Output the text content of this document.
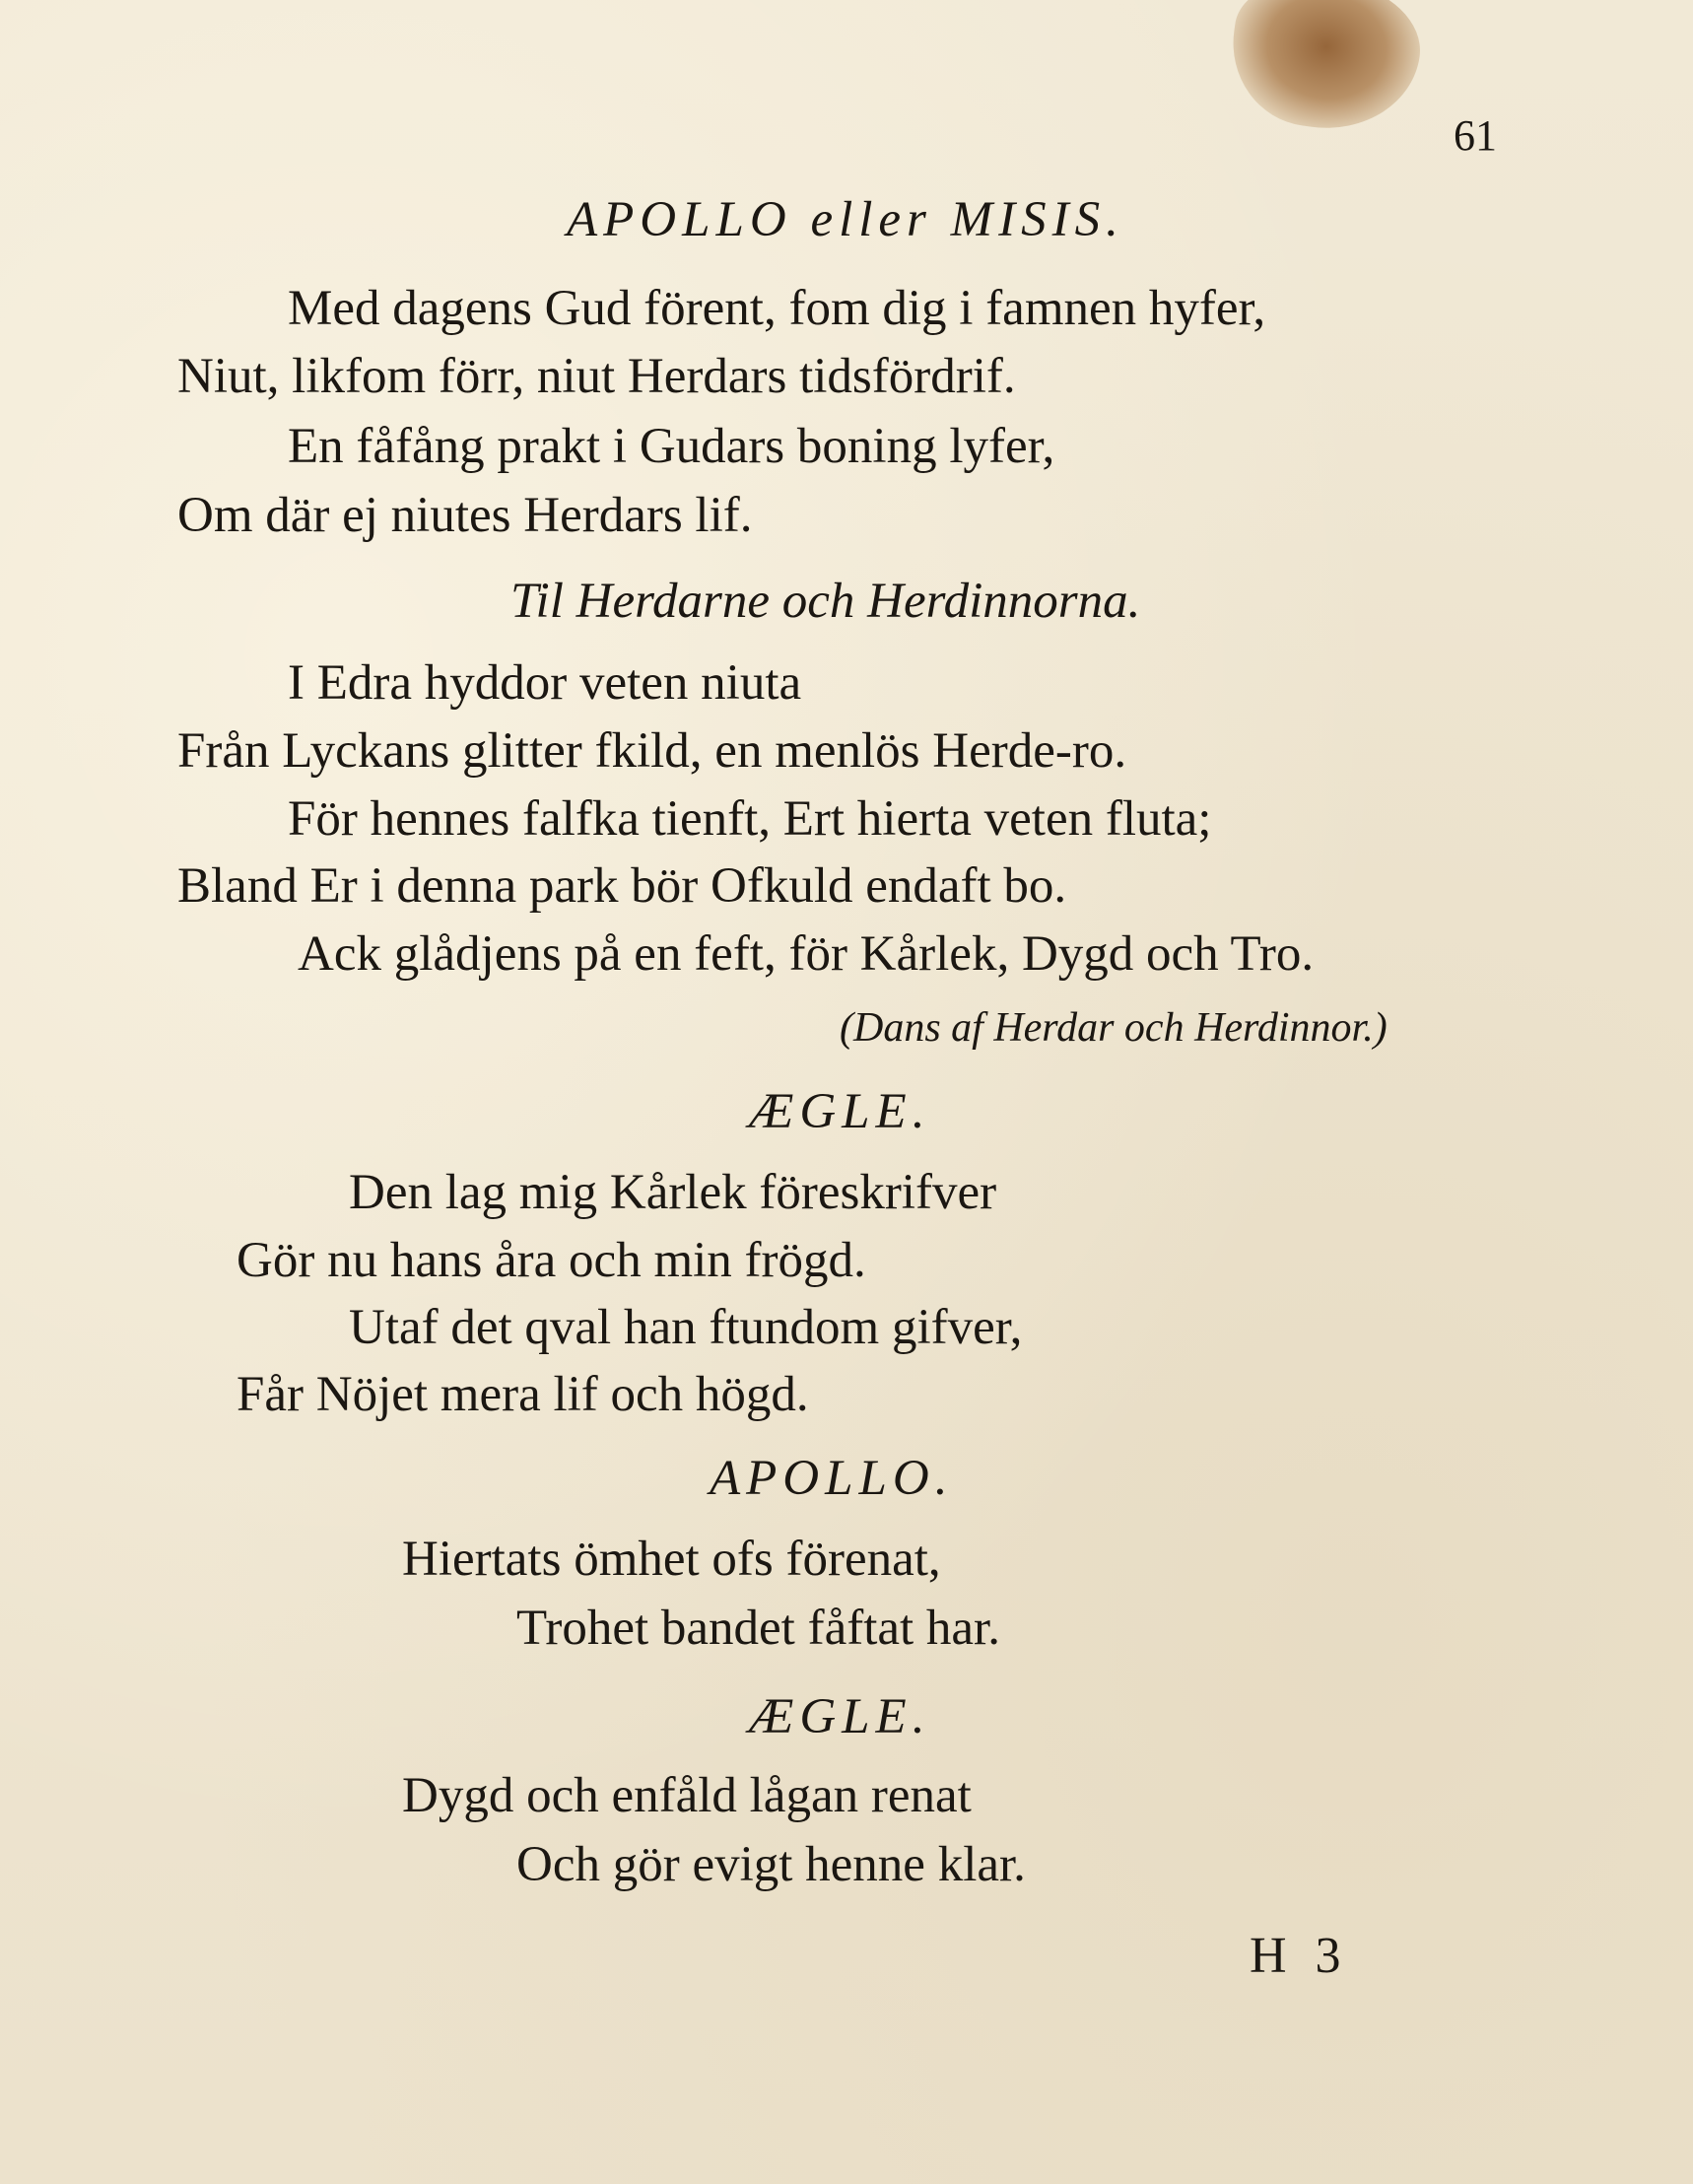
61
APOLLO eller MISIS.
Med dagens Gud förent, fom dig i famnen hyfer,
Niut, likfom förr, niut Herdars tidsfördrif.
En fåfång prakt i Gudars boning lyfer,
Om där ej niutes Herdars lif.
Til Herdarne och Herdinnorna.
I Edra hyddor veten niuta
Från Lyckans glitter fkild, en menlös Herde-ro.
För hennes falfka tienft, Ert hierta veten fluta;
Bland Er i denna park bör Ofkuld endaft bo.
Ack glådjens på en feft, för Kårlek, Dygd och Tro.
(Dans af Herdar och Herdinnor.)
ÆGLE.
Den lag mig Kårlek föreskrifver
Gör nu hans åra och min frögd.
Utaf det qval han ftundom gifver,
Får Nöjet mera lif och högd.
APOLLO.
Hiertats ömhet ofs förenat,
Trohet bandet fåftat har.
ÆGLE.
Dygd och enfåld lågan renat
Och gör evigt henne klar.
H 3
